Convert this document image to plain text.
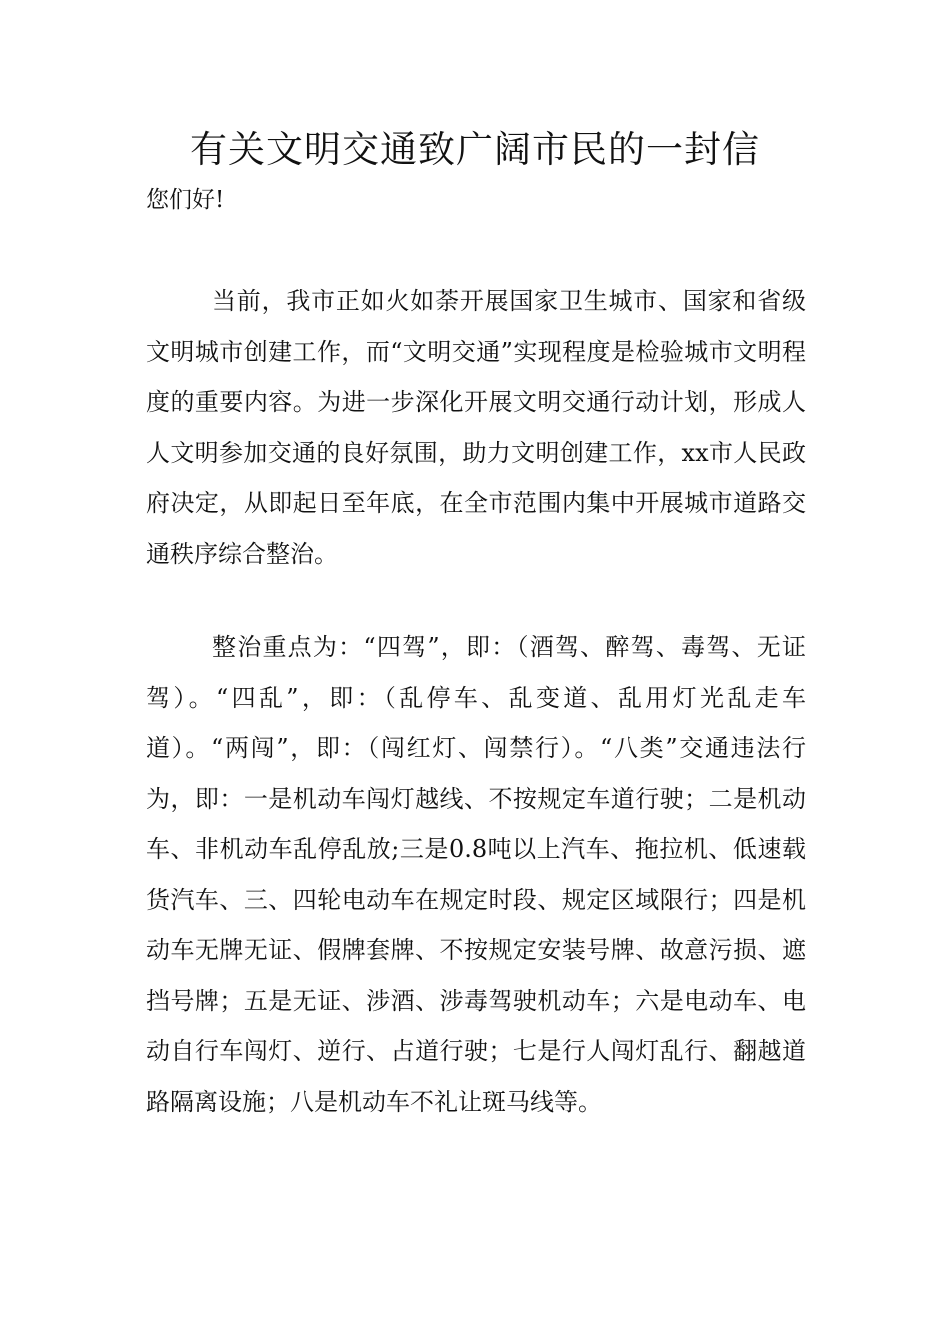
有关文明交通致广阔市民的一封信

您们好!

当前，我市正如火如荼开展国家卫生城市、国家和省级文明城市创建工作，而“文明交通”实现程度是检验城市文明程度的重要内容。为进一步深化开展文明交通行动计划，形成人人文明参加交通的良好氛围，助力文明创建工作，xx市人民政府决定，从即起日至年底，在全市范围内集中开展城市道路交通秩序综合整治。

整治重点为：“四驾”，即：（酒驾、醉驾、毒驾、无证驾）。“四乱”，即：（乱停车、乱变道、乱用灯光乱走车道）。“两闯”，即：（闯红灯、闯禁行）。“八类”交通违法行为，即：一是机动车闯灯越线、不按规定车道行驶；二是机动车、非机动车乱停乱放;三是0.8吨以上汽车、拖拉机、低速载货汽车、三、四轮电动车在规定时段、规定区域限行；四是机动车无牌无证、假牌套牌、不按规定安装号牌、故意污损、遮挡号牌；五是无证、涉酒、涉毒驾驶机动车；六是电动车、电动自行车闯灯、逆行、占道行驶；七是行人闯灯乱行、翻越道路隔离设施；八是机动车不礼让斑马线等。
